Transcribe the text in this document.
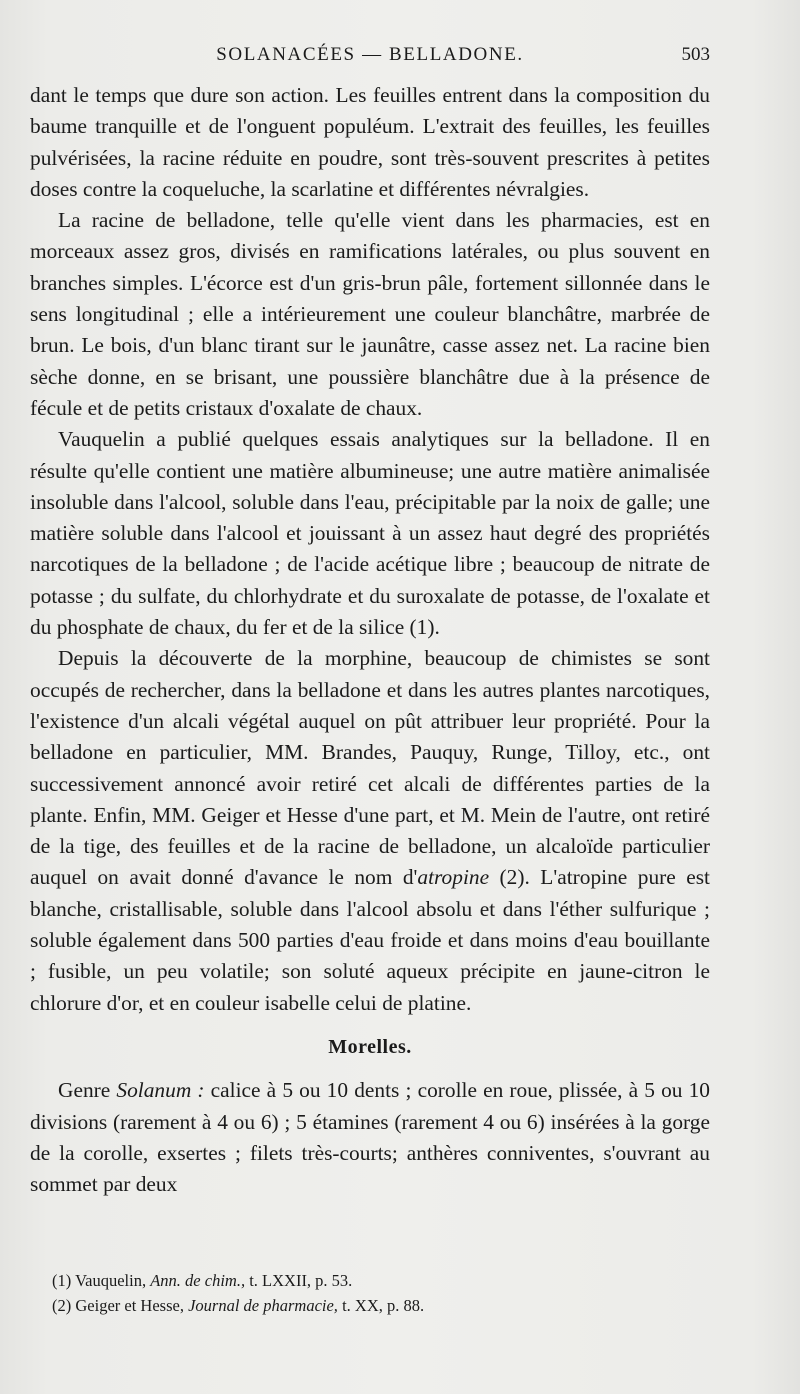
SOLANACÉES — BELLADONE.	503

dant le temps que dure son action. Les feuilles entrent dans la composition du baume tranquille et de l'onguent populéum. L'extrait des feuilles, les feuilles pulvérisées, la racine réduite en poudre, sont très-souvent prescrites à petites doses contre la coqueluche, la scarlatine et différentes névralgies.

La racine de belladone, telle qu'elle vient dans les pharmacies, est en morceaux assez gros, divisés en ramifications latérales, ou plus souvent en branches simples. L'écorce est d'un gris-brun pâle, fortement sillonnée dans le sens longitudinal ; elle a intérieurement une couleur blanchâtre, marbrée de brun. Le bois, d'un blanc tirant sur le jaunâtre, casse assez net. La racine bien sèche donne, en se brisant, une poussière blanchâtre due à la présence de fécule et de petits cristaux d'oxalate de chaux.

Vauquelin a publié quelques essais analytiques sur la belladone. Il en résulte qu'elle contient une matière albumineuse; une autre matière animalisée insoluble dans l'alcool, soluble dans l'eau, précipitable par la noix de galle; une matière soluble dans l'alcool et jouissant à un assez haut degré des propriétés narcotiques de la belladone ; de l'acide acétique libre ; beaucoup de nitrate de potasse ; du sulfate, du chlorhydrate et du suroxalate de potasse, de l'oxalate et du phosphate de chaux, du fer et de la silice (1).

Depuis la découverte de la morphine, beaucoup de chimistes se sont occupés de rechercher, dans la belladone et dans les autres plantes narcotiques, l'existence d'un alcali végétal auquel on pût attribuer leur propriété. Pour la belladone en particulier, MM. Brandes, Pauquy, Runge, Tilloy, etc., ont successivement annoncé avoir retiré cet alcali de différentes parties de la plante. Enfin, MM. Geiger et Hesse d'une part, et M. Mein de l'autre, ont retiré de la tige, des feuilles et de la racine de belladone, un alcaloïde particulier auquel on avait donné d'avance le nom d'atropine (2). L'atropine pure est blanche, cristallisable, soluble dans l'alcool absolu et dans l'éther sulfurique ; soluble également dans 500 parties d'eau froide et dans moins d'eau bouillante ; fusible, un peu volatile; son soluté aqueux précipite en jaune-citron le chlorure d'or, et en couleur isabelle celui de platine.

Morelles.

Genre Solanum : calice à 5 ou 10 dents ; corolle en roue, plissée, à 5 ou 10 divisions (rarement à 4 ou 6) ; 5 étamines (rarement 4 ou 6) insérées à la gorge de la corolle, exsertes ; filets très-courts; anthères conniventes, s'ouvrant au sommet par deux

(1) Vauquelin, Ann. de chim., t. LXXII, p. 53.
(2) Geiger et Hesse, Journal de pharmacie, t. XX, p. 88.
